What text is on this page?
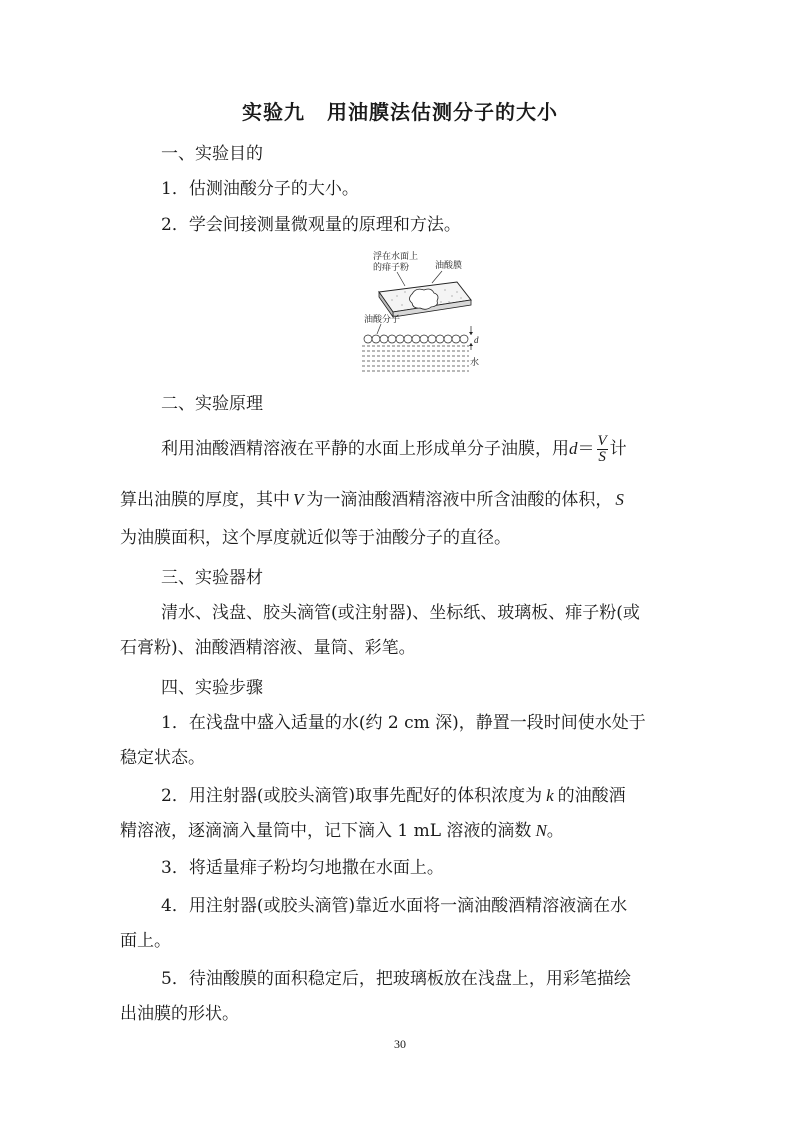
实验九 用油膜法估测分子的大小
一、实验目的
1．估测油酸分子的大小。
2．学会间接测量微观量的原理和方法。
浮在水面上
的痱子粉	油酸膜
油酸分子
d
水
二、实验原理
利用油酸酒精溶液在平静的水面上形成单分子油膜，用$d= \frac{V}{S}$ 计
算出油膜的厚度，其中 V 为一滴油酸酒精溶液中所含油酸的体积， S
为油膜面积，这个厚度就近似等于油酸分子的直径。
三、实验器材
清水、浅盘、胶头滴管(或注射器)、坐标纸、玻璃板、痱子粉(或
石膏粉)、油酸酒精溶液、量筒、彩笔。
四、实验步骤
1．在浅盘中盛入适量的水(约 2 cm 深)，静置一段时间使水处于
稳定状态。
2．用注射器(或胶头滴管)取事先配好的体积浓度为 k 的油酸酒
精溶液，逐滴滴入量筒中，记下滴入 1 mL 溶液的滴数 N。
3．将适量痱子粉均匀地撒在水面上。
4．用注射器(或胶头滴管)靠近水面将一滴油酸酒精溶液滴在水
面上。
5．待油酸膜的面积稳定后，把玻璃板放在浅盘上，用彩笔描绘
出油膜的形状。
30
